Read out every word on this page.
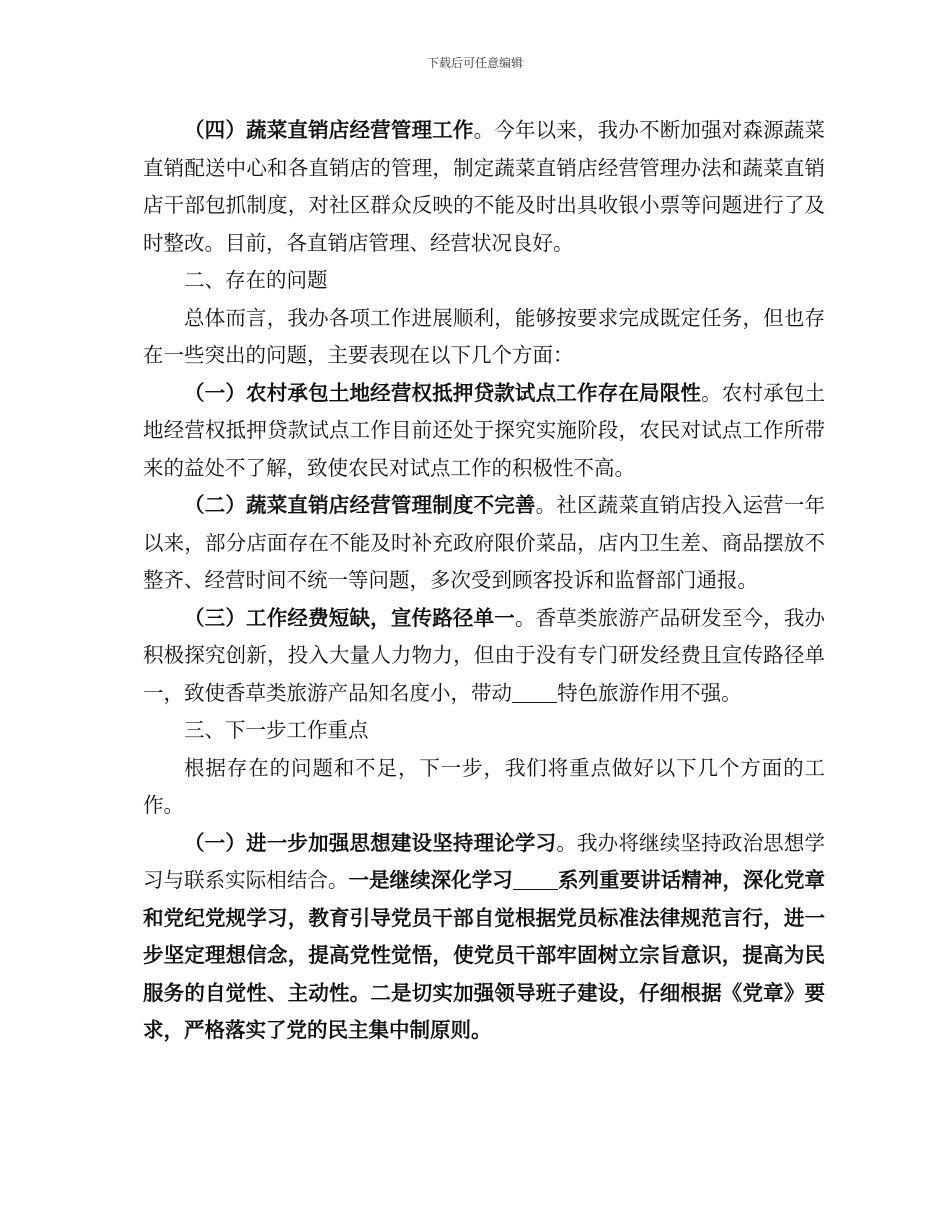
下载后可任意编辑

（四）蔬菜直销店经营管理工作。今年以来，我办不断加强对森源蔬菜直销配送中心和各直销店的管理，制定蔬菜直销店经营管理办法和蔬菜直销店干部包抓制度，对社区群众反映的不能及时出具收银小票等问题进行了及时整改。目前，各直销店管理、经营状况良好。

二、存在的问题

总体而言，我办各项工作进展顺利，能够按要求完成既定任务，但也存在一些突出的问题，主要表现在以下几个方面：

（一）农村承包土地经营权抵押贷款试点工作存在局限性。农村承包土地经营权抵押贷款试点工作目前还处于探究实施阶段，农民对试点工作所带来的益处不了解，致使农民对试点工作的积极性不高。

（二）蔬菜直销店经营管理制度不完善。社区蔬菜直销店投入运营一年以来，部分店面存在不能及时补充政府限价菜品，店内卫生差、商品摆放不整齐、经营时间不统一等问题，多次受到顾客投诉和监督部门通报。

（三）工作经费短缺，宣传路径单一。香草类旅游产品研发至今，我办积极探究创新，投入大量人力物力，但由于没有专门研发经费且宣传路径单一，致使香草类旅游产品知名度小，带动 特色旅游作用不强。

三、下一步工作重点

根据存在的问题和不足，下一步，我们将重点做好以下几个方面的工作。

（一）进一步加强思想建设坚持理论学习。我办将继续坚持政治思想学习与联系实际相结合。一是继续深化学习 系列重要讲话精神，深化党章和党纪党规学习，教育引导党员干部自觉根据党员标准法律规范言行，进一步坚定理想信念，提高党性觉悟，使党员干部牢固树立宗旨意识，提高为民服务的自觉性、主动性。二是切实加强领导班子建设，仔细根据《党章》要求，严格落实了党的民主集中制原则。
